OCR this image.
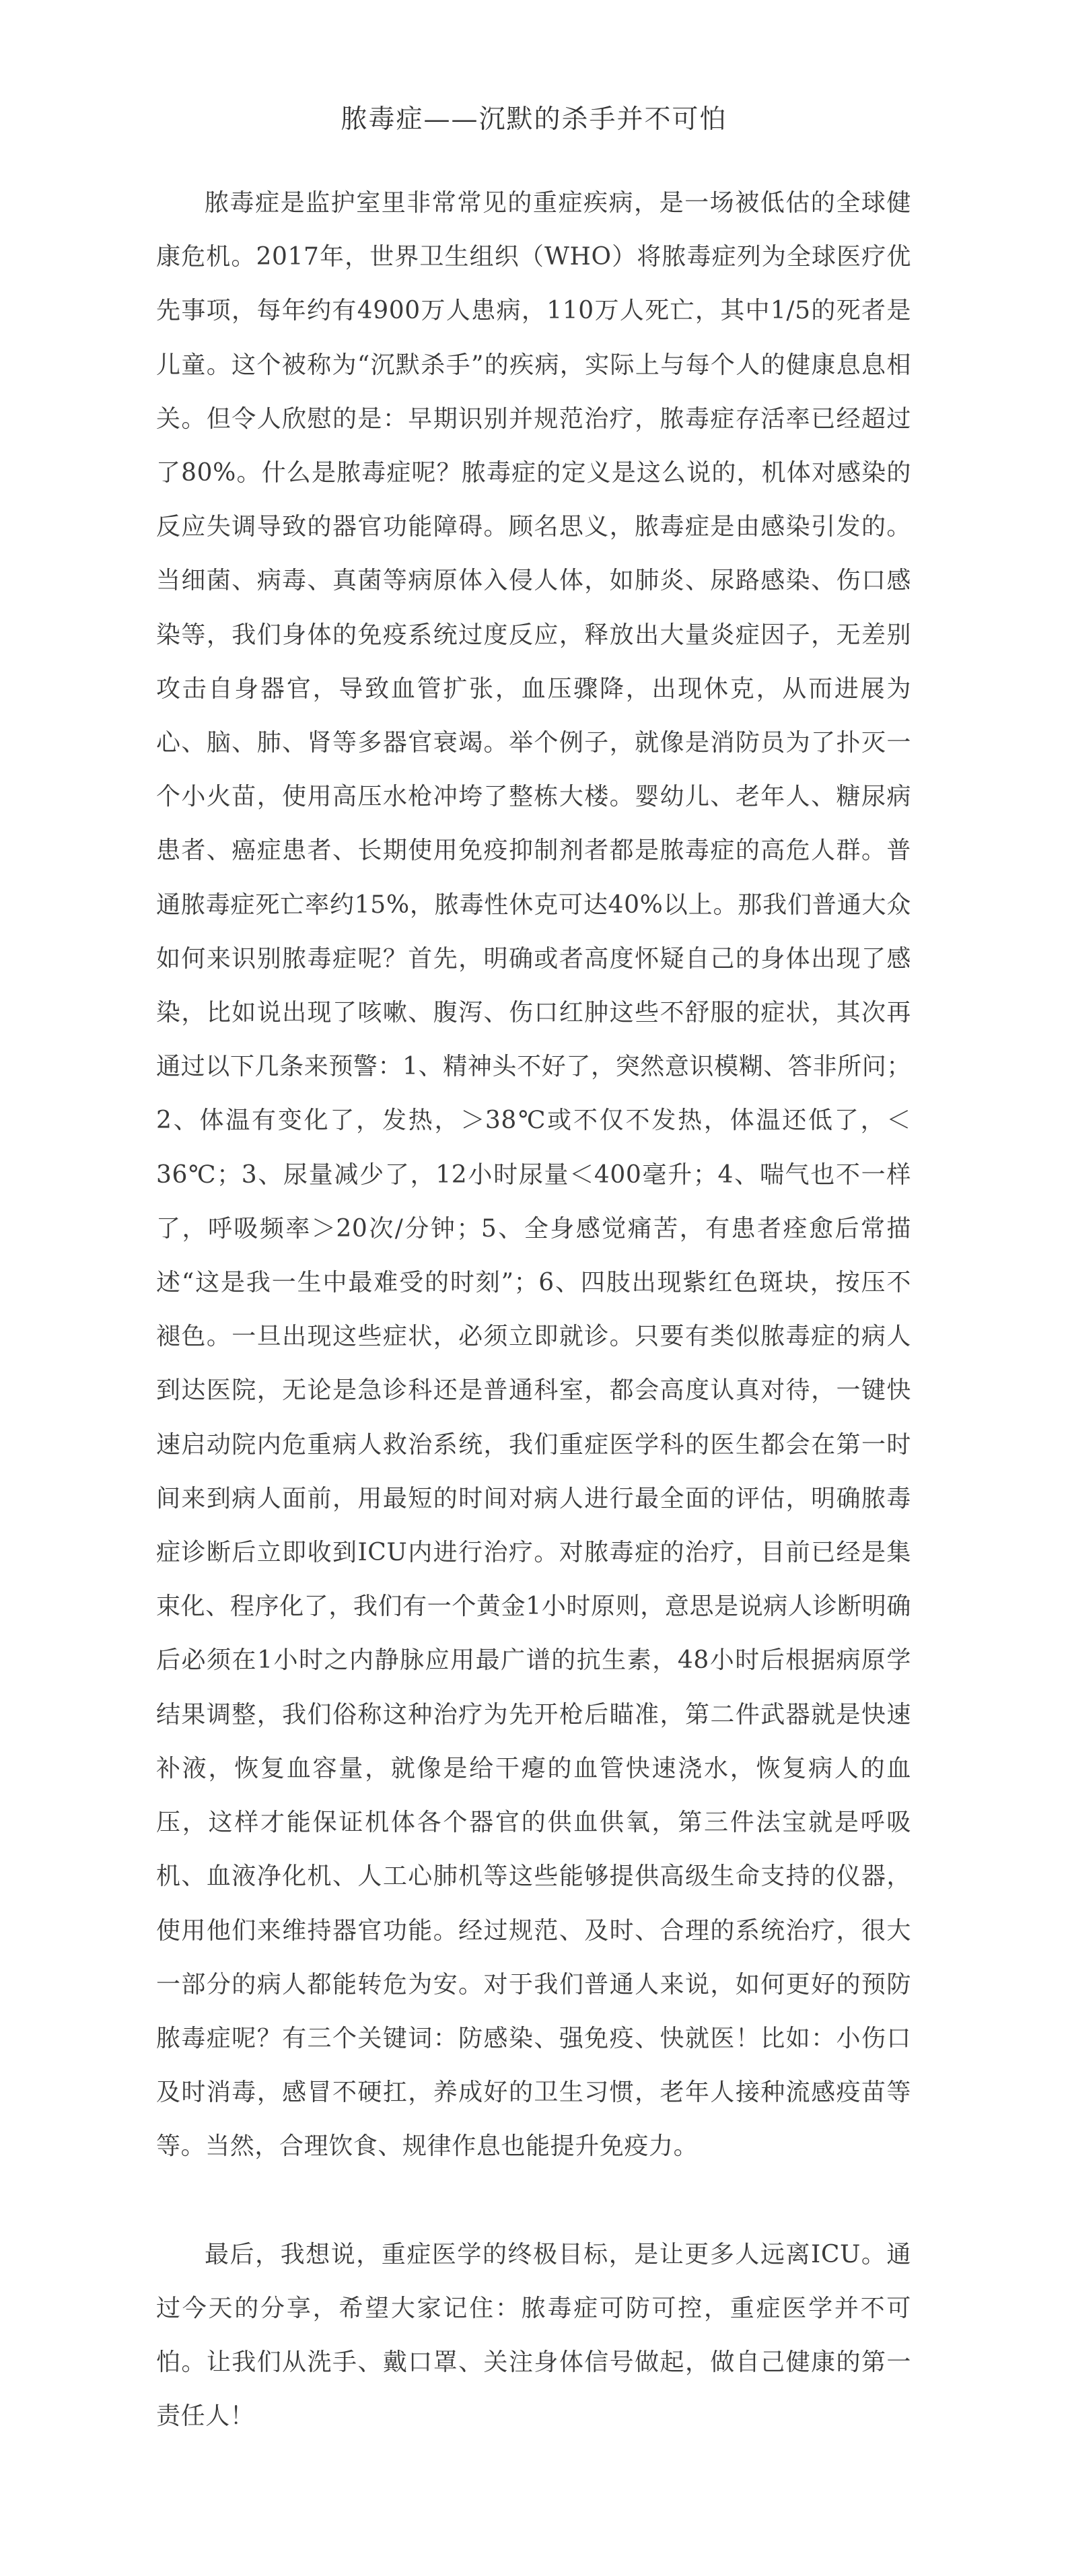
脓毒症——沉默的杀手并不可怕

脓毒症是监护室里非常常见的重症疾病，是一场被低估的全球健康危机。2017年，世界卫生组织（WHO）将脓毒症列为全球医疗优先事项，每年约有4900万人患病，110万人死亡，其中1/5的死者是儿童。这个被称为“沉默杀手”的疾病，实际上与每个人的健康息息相关。但令人欣慰的是：早期识别并规范治疗，脓毒症存活率已经超过了80%。什么是脓毒症呢？脓毒症的定义是这么说的，机体对感染的反应失调导致的器官功能障碍。顾名思义，脓毒症是由感染引发的。当细菌、病毒、真菌等病原体入侵人体，如肺炎、尿路感染、伤口感染等，我们身体的免疫系统过度反应，释放出大量炎症因子，无差别攻击自身器官，导致血管扩张，血压骤降，出现休克，从而进展为心、脑、肺、肾等多器官衰竭。举个例子，就像是消防员为了扑灭一个小火苗，使用高压水枪冲垮了整栋大楼。婴幼儿、老年人、糖尿病患者、癌症患者、长期使用免疫抑制剂者都是脓毒症的高危人群。普通脓毒症死亡率约15%，脓毒性休克可达40%以上。那我们普通大众如何来识别脓毒症呢？首先，明确或者高度怀疑自己的身体出现了感染，比如说出现了咳嗽、腹泻、伤口红肿这些不舒服的症状，其次再通过以下几条来预警：1、精神头不好了，突然意识模糊、答非所问；2、体温有变化了，发热，＞38℃或不仅不发热，体温还低了，＜36℃；3、尿量减少了，12小时尿量＜400毫升；4、喘气也不一样了，呼吸频率＞20次/分钟；5、全身感觉痛苦，有患者痊愈后常描述“这是我一生中最难受的时刻”；6、四肢出现紫红色斑块，按压不褪色。一旦出现这些症状，必须立即就诊。只要有类似脓毒症的病人到达医院，无论是急诊科还是普通科室，都会高度认真对待，一键快速启动院内危重病人救治系统，我们重症医学科的医生都会在第一时间来到病人面前，用最短的时间对病人进行最全面的评估，明确脓毒症诊断后立即收到ICU内进行治疗。对脓毒症的治疗，目前已经是集束化、程序化了，我们有一个黄金1小时原则，意思是说病人诊断明确后必须在1小时之内静脉应用最广谱的抗生素，48小时后根据病原学结果调整，我们俗称这种治疗为先开枪后瞄准，第二件武器就是快速补液，恢复血容量，就像是给干瘪的血管快速浇水，恢复病人的血压，这样才能保证机体各个器官的供血供氧，第三件法宝就是呼吸机、血液净化机、人工心肺机等这些能够提供高级生命支持的仪器，使用他们来维持器官功能。经过规范、及时、合理的系统治疗，很大一部分的病人都能转危为安。对于我们普通人来说，如何更好的预防脓毒症呢？有三个关键词：防感染、强免疫、快就医！比如：小伤口及时消毒，感冒不硬扛，养成好的卫生习惯，老年人接种流感疫苗等等。当然，合理饮食、规律作息也能提升免疫力。

最后，我想说，重症医学的终极目标，是让更多人远离ICU。通过今天的分享，希望大家记住：脓毒症可防可控，重症医学并不可怕。让我们从洗手、戴口罩、关注身体信号做起，做自己健康的第一责任人！
